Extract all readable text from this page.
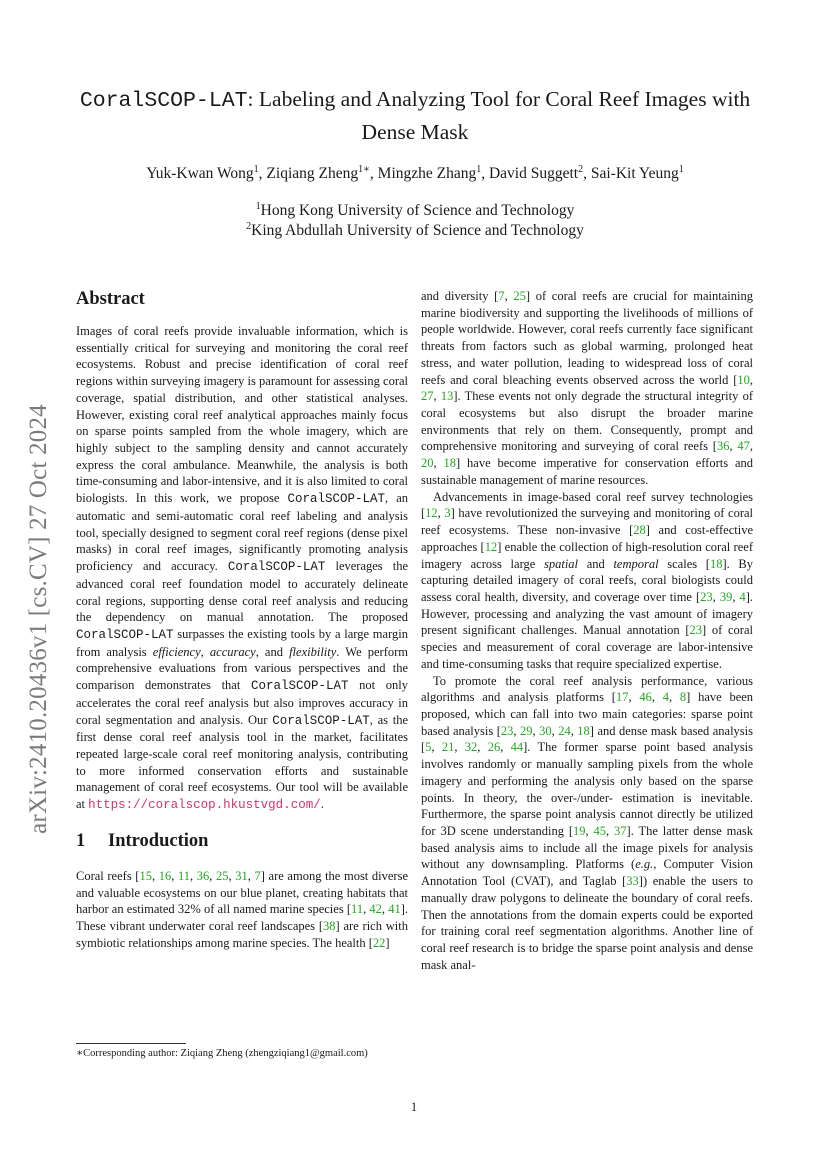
arXiv:2410.20436v1 [cs.CV] 27 Oct 2024
CoralSCOP-LAT: Labeling and Analyzing Tool for Coral Reef Images with Dense Mask
Yuk-Kwan Wong$^1$, Ziqiang Zheng$^{1∗}$, Mingzhe Zhang$^1$, David Suggett$^2$, Sai-Kit Yeung$^1$
$^1$Hong Kong University of Science and Technology
$^2$King Abdullah University of Science and Technology
Abstract

Images of coral reefs provide invaluable information, which is essentially critical for surveying and monitoring the coral reef ecosystems. Robust and precise identification of coral reef regions within surveying imagery is paramount for assessing coral coverage, spatial distribution, and other statistical analyses. However, existing coral reef analytical approaches mainly focus on sparse points sampled from the whole imagery, which are highly subject to the sampling density and cannot accurately express the coral ambulance. Meanwhile, the analysis is both time-consuming and labor-intensive, and it is also limited to coral biologists. In this work, we propose CoralSCOP-LAT, an automatic and semi-automatic coral reef labeling and analysis tool, specially designed to segment coral reef regions (dense pixel masks) in coral reef images, significantly promoting analysis proficiency and accuracy. CoralSCOP-LAT leverages the advanced coral reef foundation model to accurately delineate coral regions, supporting dense coral reef analysis and reducing the dependency on manual annotation. The proposed CoralSCOP-LAT surpasses the existing tools by a large margin from analysis efficiency, accuracy, and flexibility. We perform comprehensive evaluations from various perspectives and the comparison demonstrates that CoralSCOP-LAT not only accelerates the coral reef analysis but also improves accuracy in coral segmentation and analysis. Our CoralSCOP-LAT, as the first dense coral reef analysis tool in the market, facilitates repeated large-scale coral reef monitoring analysis, contributing to more informed conservation efforts and sustainable management of coral reef ecosystems. Our tool will be available at https://coralscop.hkustvgd.com/.

1 Introduction

Coral reefs [15, 16, 11, 36, 25, 31, 7] are among the most diverse and valuable ecosystems on our blue planet, creating habitats that harbor an estimated 32% of all named marine species [11, 42, 41]. These vibrant underwater coral reef landscapes [38] are rich with symbiotic relationships among marine species. The health [22]

and diversity [7, 25] of coral reefs are crucial for maintaining marine biodiversity and supporting the livelihoods of millions of people worldwide. However, coral reefs currently face significant threats from factors such as global warming, prolonged heat stress, and water pollution, leading to widespread loss of coral reefs and coral bleaching events observed across the world [10, 27, 13]. These events not only degrade the structural integrity of coral ecosystems but also disrupt the broader marine environments that rely on them. Consequently, prompt and comprehensive monitoring and surveying of coral reefs [36, 47, 20, 18] have become imperative for conservation efforts and sustainable management of marine resources.

Advancements in image-based coral reef survey technologies [12, 3] have revolutionized the surveying and monitoring of coral reef ecosystems. These non-invasive [28] and cost-effective approaches [12] enable the collection of high-resolution coral reef imagery across large spatial and temporal scales [18]. By capturing detailed imagery of coral reefs, coral biologists could assess coral health, diversity, and coverage over time [23, 39, 4]. However, processing and analyzing the vast amount of imagery present significant challenges. Manual annotation [23] of coral species and measurement of coral coverage are labor-intensive and time-consuming tasks that require specialized expertise.

To promote the coral reef analysis performance, various algorithms and analysis platforms [17, 46, 4, 8] have been proposed, which can fall into two main categories: sparse point based analysis [23, 29, 30, 24, 18] and dense mask based analysis [5, 21, 32, 26, 44]. The former sparse point based analysis involves randomly or manually sampling pixels from the whole imagery and performing the analysis only based on the sparse points. In theory, the over-/under- estimation is inevitable. Furthermore, the sparse point analysis cannot directly be utilized for 3D scene understanding [19, 45, 37]. The latter dense mask based analysis aims to include all the image pixels for analysis without any downsampling. Platforms (e.g., Computer Vision Annotation Tool (CVAT), and Taglab [33]) enable the users to manually draw polygons to delineate the boundary of coral reefs. Then the annotations from the domain experts could be exported for training coral reef segmentation algorithms. Another line of coral reef research is to bridge the sparse point analysis and dense mask anal-

∗Corresponding author: Ziqiang Zheng (zhengziqiang1@gmail.com)
1
